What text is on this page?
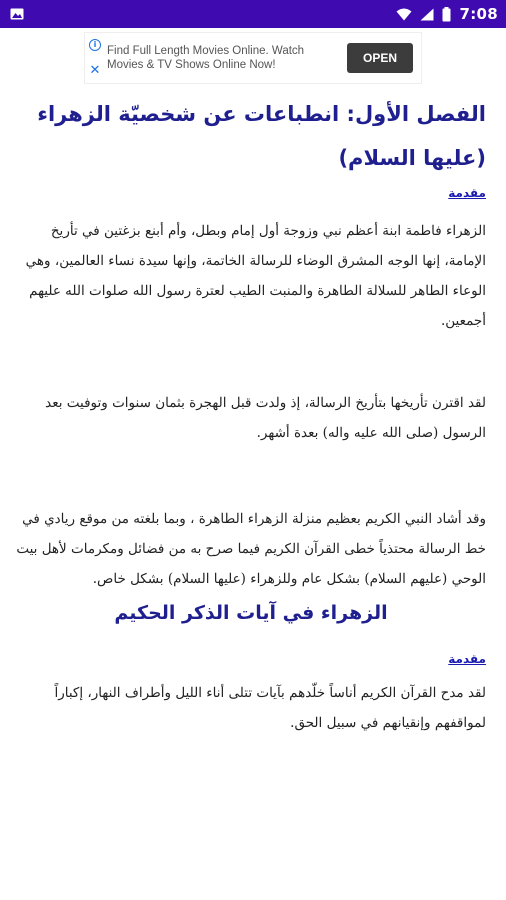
7:08
i
✕
Find Full Length Movies Online. Watch Movies & TV Shows Online Now!	OPEN
الفصل الأول: انطباعات عن شخصيّة الزهراء (عليها السلام)
مقدمة

الزهراء فاطمة ابنة أعظم نبي وزوجة أول إمام وبطل، وأم أبنع بزغتين في تأريخ الإمامة، إنها الوجه المشرق الوضاء للرسالة الخاتمة، وإنها سيدة نساء العالمين، وهي الوعاء الطاهر للسلالة الطاهرة والمنبت الطيب لعترة رسول الله صلوات الله عليهم أجمعين.

لقد اقترن تأريخها بتأريخ الرسالة، إذ ولدت قبل الهجرة بثمان سنوات وتوفيت بعد الرسول (صلى الله عليه واله) بعدة أشهر.

وقد أشاد النبي الكريم بعظيم منزلة الزهراء الطاهرة ، وبما بلغته من موقع ريادي في خط الرسالة محتذياً خطى القرآن الكريم فيما صرح به من فضائل ومكرمات لأهل بيت الوحي (عليهم السلام) بشكل عام وللزهراء (عليها السلام) بشكل خاص.

الزهراء في آيات الذكر الحكيم
مقدمة

لقد مدح القرآن الكريم أناساً خلّدهم بآيات تتلى أناء الليل وأطراف النهار، إكباراً لمواقفهم وإنقيانهم في سبيل الحق.
